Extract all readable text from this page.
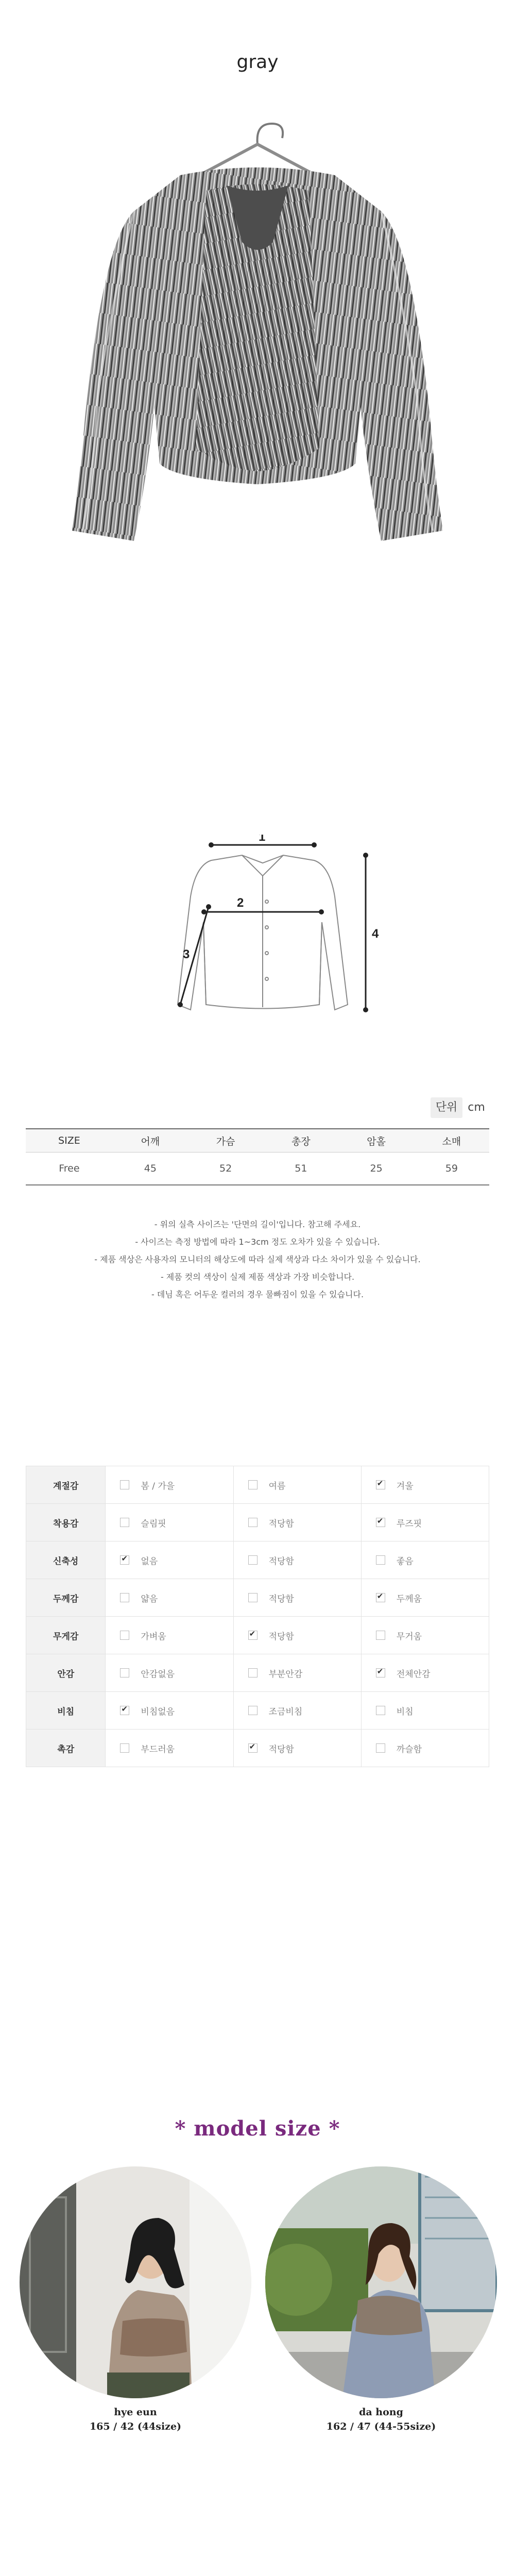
gray
1
2
3
4
단위 cm
SIZE	어깨	가슴	총장	암홀	소매
Free	45	52	51	25	59
- 위의 실측 사이즈는 '단면의 길이'입니다. 참고해 주세요.
- 사이즈는 측정 방법에 따라 1~3cm 정도 오차가 있을 수 있습니다.
- 제품 색상은 사용자의 모니터의 해상도에 따라 실제 색상과 다소 차이가 있을 수 있습니다.
- 제품 컷의 색상이 실제 제품 색상과 가장 비슷합니다.
- 데님 혹은 어두운 컬러의 경우 물빠짐이 있을 수 있습니다.
계절감	봄 / 가을	여름	✔겨울
착용감	슬림핏	적당함	✔루즈핏
신축성	✔없음	적당함	좋음
두께감	얇음	적당함	✔두께움
무게감	가벼움	✔적당함	무거움
안감	안감없음	부분안감	✔전체안감
비침	✔비침없음	조금비침	비침
촉감	부드러움	✔적당함	까슬함
* model size *
hye eun
165 / 42 (44size)
da hong
162 / 47 (44-55size)
